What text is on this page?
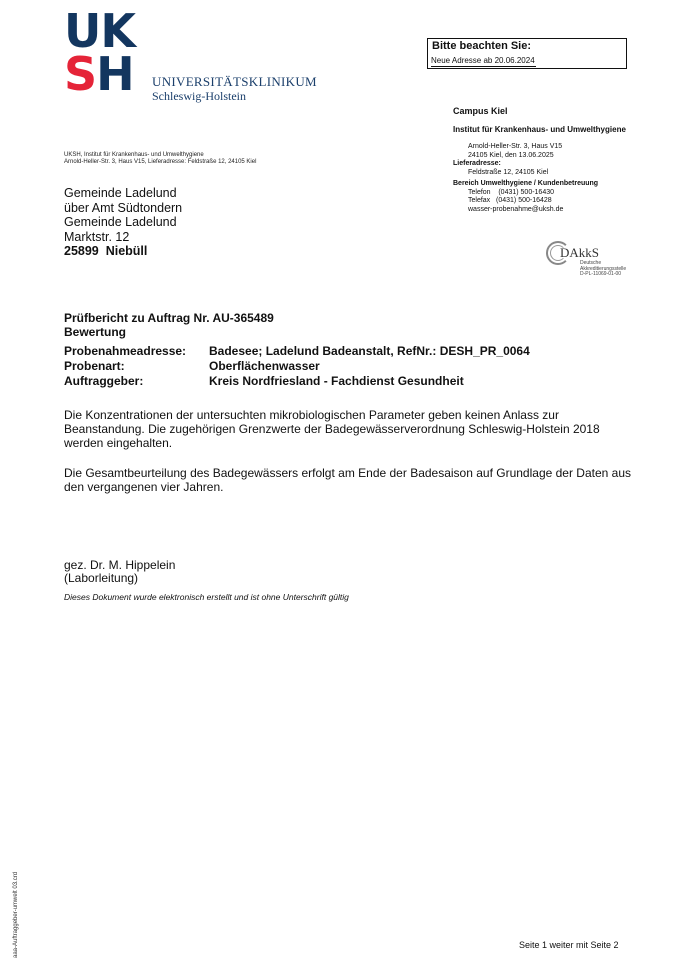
UK
SH UNIVERSITÄTSKLINIKUM
Schleswig-Holstein
Bitte beachten Sie:
Neue Adresse ab 20.06.2024
Campus Kiel
Institut für Krankenhaus- und Umwelthygiene
Arnold-Heller-Str. 3, Haus V15
24105 Kiel, den 13.06.2025
Lieferadresse:
Feldstraße 12, 24105 Kiel
Bereich Umwelthygiene / Kundenbetreuung
Telefon    (0431) 500-16430
Telefax   (0431) 500-16428
wasser-probenahme@uksh.de
DAkkS
Deutsche
Akkreditierungsstelle
D-PL-11069-01-00
UKSH, Institut für Krankenhaus- und Umwelthygiene
Arnold-Heller-Str. 3, Haus V15, Lieferadresse: Feldstraße 12, 24105 Kiel
Gemeinde Ladelund
über Amt Südtondern
Gemeinde Ladelund
Marktstr. 12
25899  Niebüll
Prüfbericht zu Auftrag Nr. AU-365489
Bewertung
Probenahmeadresse:	Badesee; Ladelund Badeanstalt, RefNr.: DESH_PR_0064
Probenart:	Oberflächenwasser
Auftraggeber:	Kreis Nordfriesland - Fachdienst Gesundheit
Die Konzentrationen der untersuchten mikrobiologischen Parameter geben keinen Anlass zur Beanstandung. Die zugehörigen Grenzwerte der Badegewässerverordnung Schleswig-Holstein 2018 werden eingehalten.
Die Gesamtbeurteilung des Badegewässers erfolgt am Ende der Badesaison auf Grundlage der Daten aus den vergangenen vier Jahren.
gez. Dr. M. Hippelein
(Laborleitung)
Dieses Dokument wurde elektronisch erstellt und ist ohne Unterschrift gültig
aaa-Auftraggeber-umwelt 03.crd	Seite 1 weiter mit Seite 2
